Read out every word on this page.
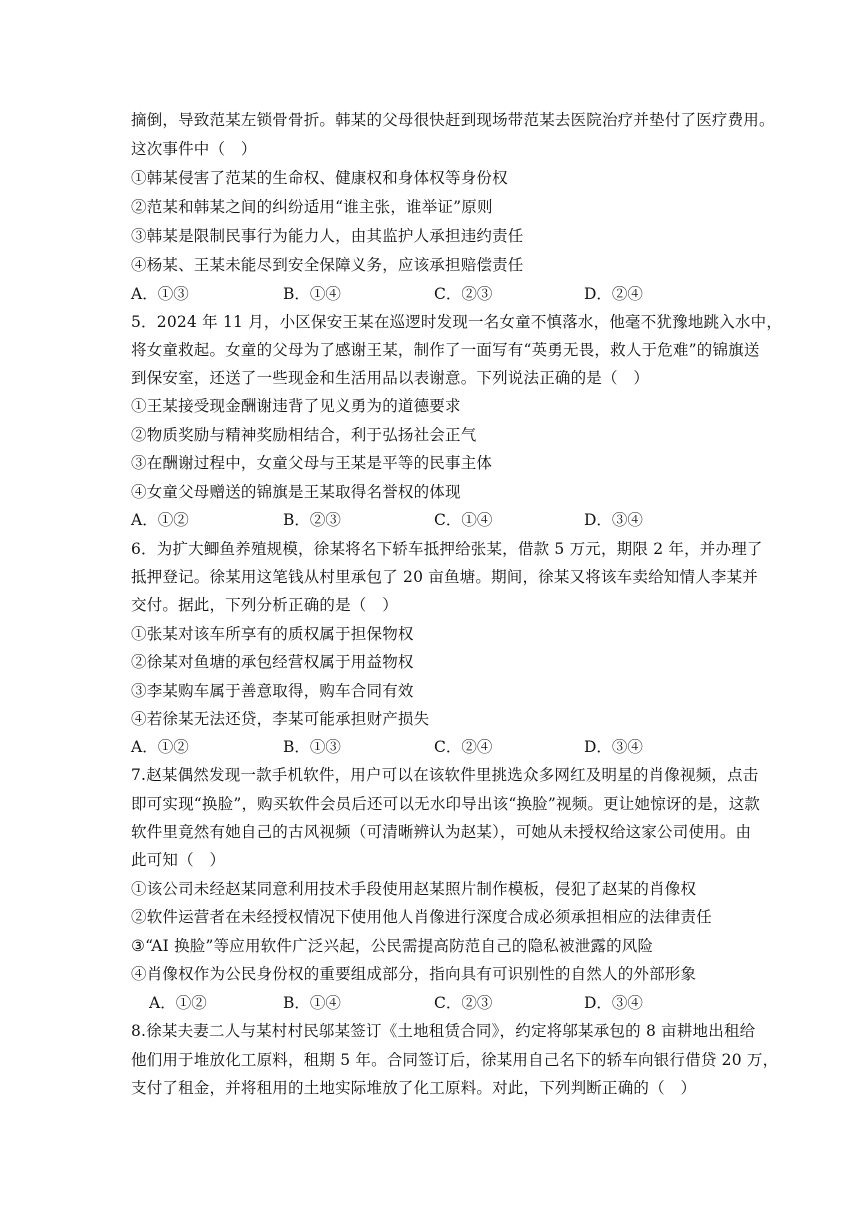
摘倒，导致范某左锁骨骨折。韩某的父母很快赶到现场带范某去医院治疗并垫付了医疗费用。
这次事件中（　）
①韩某侵害了范某的生命权、健康权和身体权等身份权
②范某和韩某之间的纠纷适用“谁主张，谁举证”原则
③韩某是限制民事行为能力人，由其监护人承担违约责任
④杨某、王某未能尽到安全保障义务，应该承担赔偿责任
A．①③	B．①④	C．②③	D．②④
5．2024 年 11 月，小区保安王某在巡逻时发现一名女童不慎落水，他毫不犹豫地跳入水中，
将女童救起。女童的父母为了感谢王某，制作了一面写有“英勇无畏，救人于危难”的锦旗送
到保安室，还送了一些现金和生活用品以表谢意。下列说法正确的是（　）
①王某接受现金酬谢违背了见义勇为的道德要求
②物质奖励与精神奖励相结合，利于弘扬社会正气
③在酬谢过程中，女童父母与王某是平等的民事主体
④女童父母赠送的锦旗是王某取得名誉权的体现
A．①②	B．②③	C．①④	D．③④
6．为扩大鲫鱼养殖规模，徐某将名下轿车抵押给张某，借款 5 万元，期限 2 年，并办理了
抵押登记。徐某用这笔钱从村里承包了 20 亩鱼塘。期间，徐某又将该车卖给知情人李某并
交付。据此，下列分析正确的是（　）
①张某对该车所享有的质权属于担保物权
②徐某对鱼塘的承包经营权属于用益物权
③李某购车属于善意取得，购车合同有效
④若徐某无法还贷，李某可能承担财产损失
A．①②	B．①③	C．②④	D．③④
7.赵某偶然发现一款手机软件，用户可以在该软件里挑选众多网红及明星的肖像视频，点击
即可实现“换脸”，购买软件会员后还可以无水印导出该“换脸”视频。更让她惊讶的是，这款
软件里竟然有她自己的古风视频（可清晰辨认为赵某），可她从未授权给这家公司使用。由
此可知（　）
①该公司未经赵某同意利用技术手段使用赵某照片制作模板，侵犯了赵某的肖像权
②软件运营者在未经授权情况下使用他人肖像进行深度合成必须承担相应的法律责任
③“AI 换脸”等应用软件广泛兴起，公民需提高防范自己的隐私被泄露的风险
④肖像权作为公民身份权的重要组成部分，指向具有可识别性的自然人的外部形象
A．①②	B．①④	C．②③	D．③④
8.徐某夫妻二人与某村村民邬某签订《土地租赁合同》，约定将邬某承包的 8 亩耕地出租给
他们用于堆放化工原料，租期 5 年。合同签订后，徐某用自己名下的轿车向银行借贷 20 万，
支付了租金，并将租用的土地实际堆放了化工原料。对此，下列判断正确的（　）
